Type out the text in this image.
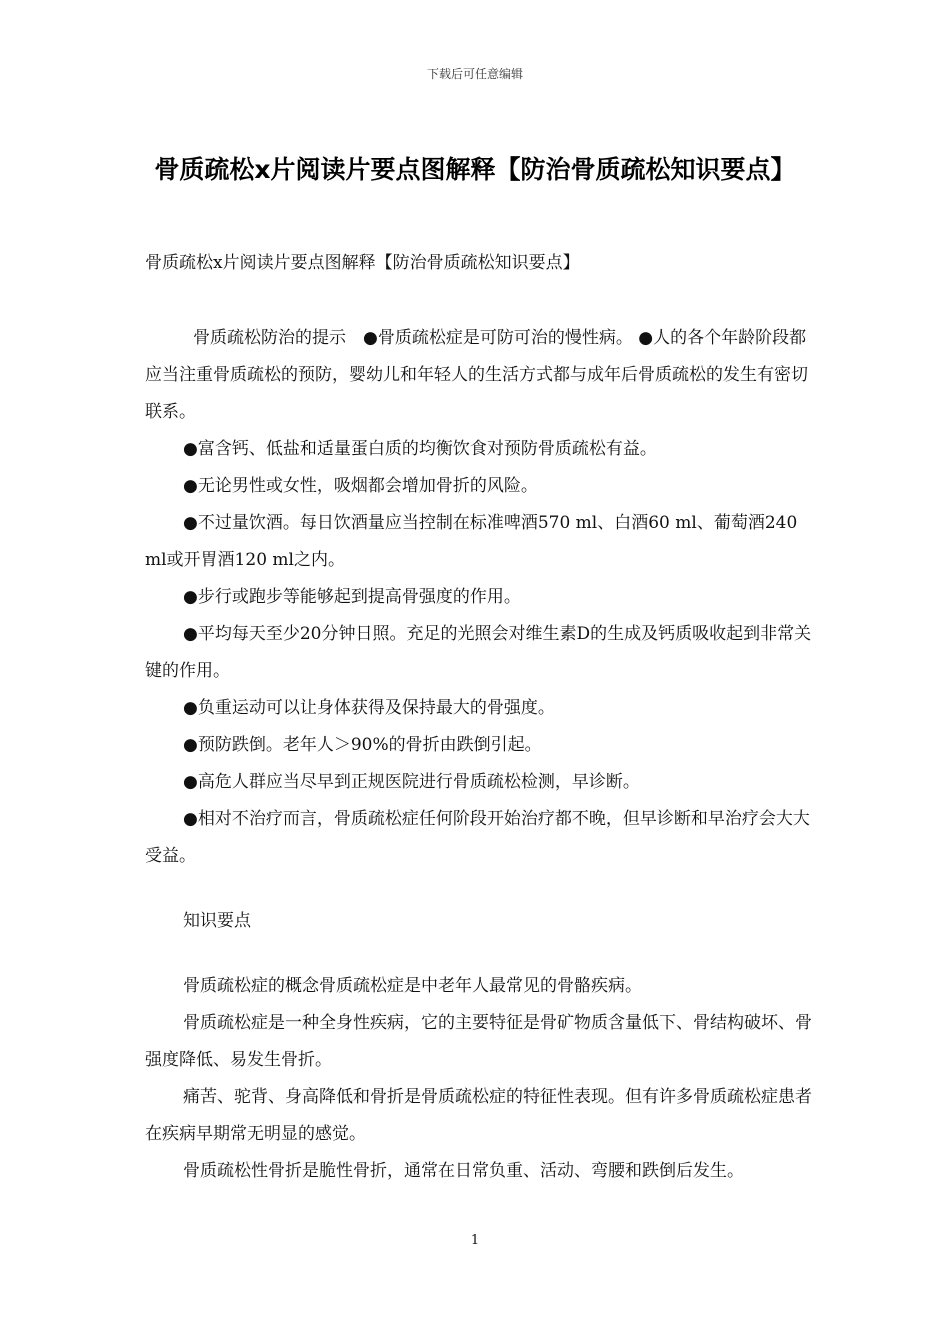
下载后可任意编辑
骨质疏松x片阅读片要点图解释【防治骨质疏松知识要点】
骨质疏松x片阅读片要点图解释【防治骨质疏松知识要点】

骨质疏松防治的提示　●骨质疏松症是可防可治的慢性病。 ●人的各个年龄阶段都应当注重骨质疏松的预防，婴幼儿和年轻人的生活方式都与成年后骨质疏松的发生有密切联系。

●富含钙、低盐和适量蛋白质的均衡饮食对预防骨质疏松有益。

●无论男性或女性，吸烟都会增加骨折的风险。

●不过量饮酒。每日饮酒量应当控制在标准啤酒570 ml、白酒60 ml、葡萄酒240 ml或开胃酒120 ml之内。

●步行或跑步等能够起到提高骨强度的作用。

●平均每天至少20分钟日照。充足的光照会对维生素D的生成及钙质吸收起到非常关键的作用。

●负重运动可以让身体获得及保持最大的骨强度。

●预防跌倒。老年人＞90%的骨折由跌倒引起。

●高危人群应当尽早到正规医院进行骨质疏松检测，早诊断。

●相对不治疗而言，骨质疏松症任何阶段开始治疗都不晚，但早诊断和早治疗会大大受益。

知识要点

骨质疏松症的概念骨质疏松症是中老年人最常见的骨骼疾病。

骨质疏松症是一种全身性疾病，它的主要特征是骨矿物质含量低下、骨结构破坏、骨强度降低、易发生骨折。

痛苦、驼背、身高降低和骨折是骨质疏松症的特征性表现。但有许多骨质疏松症患者在疾病早期常无明显的感觉。

骨质疏松性骨折是脆性骨折，通常在日常负重、活动、弯腰和跌倒后发生。

1
